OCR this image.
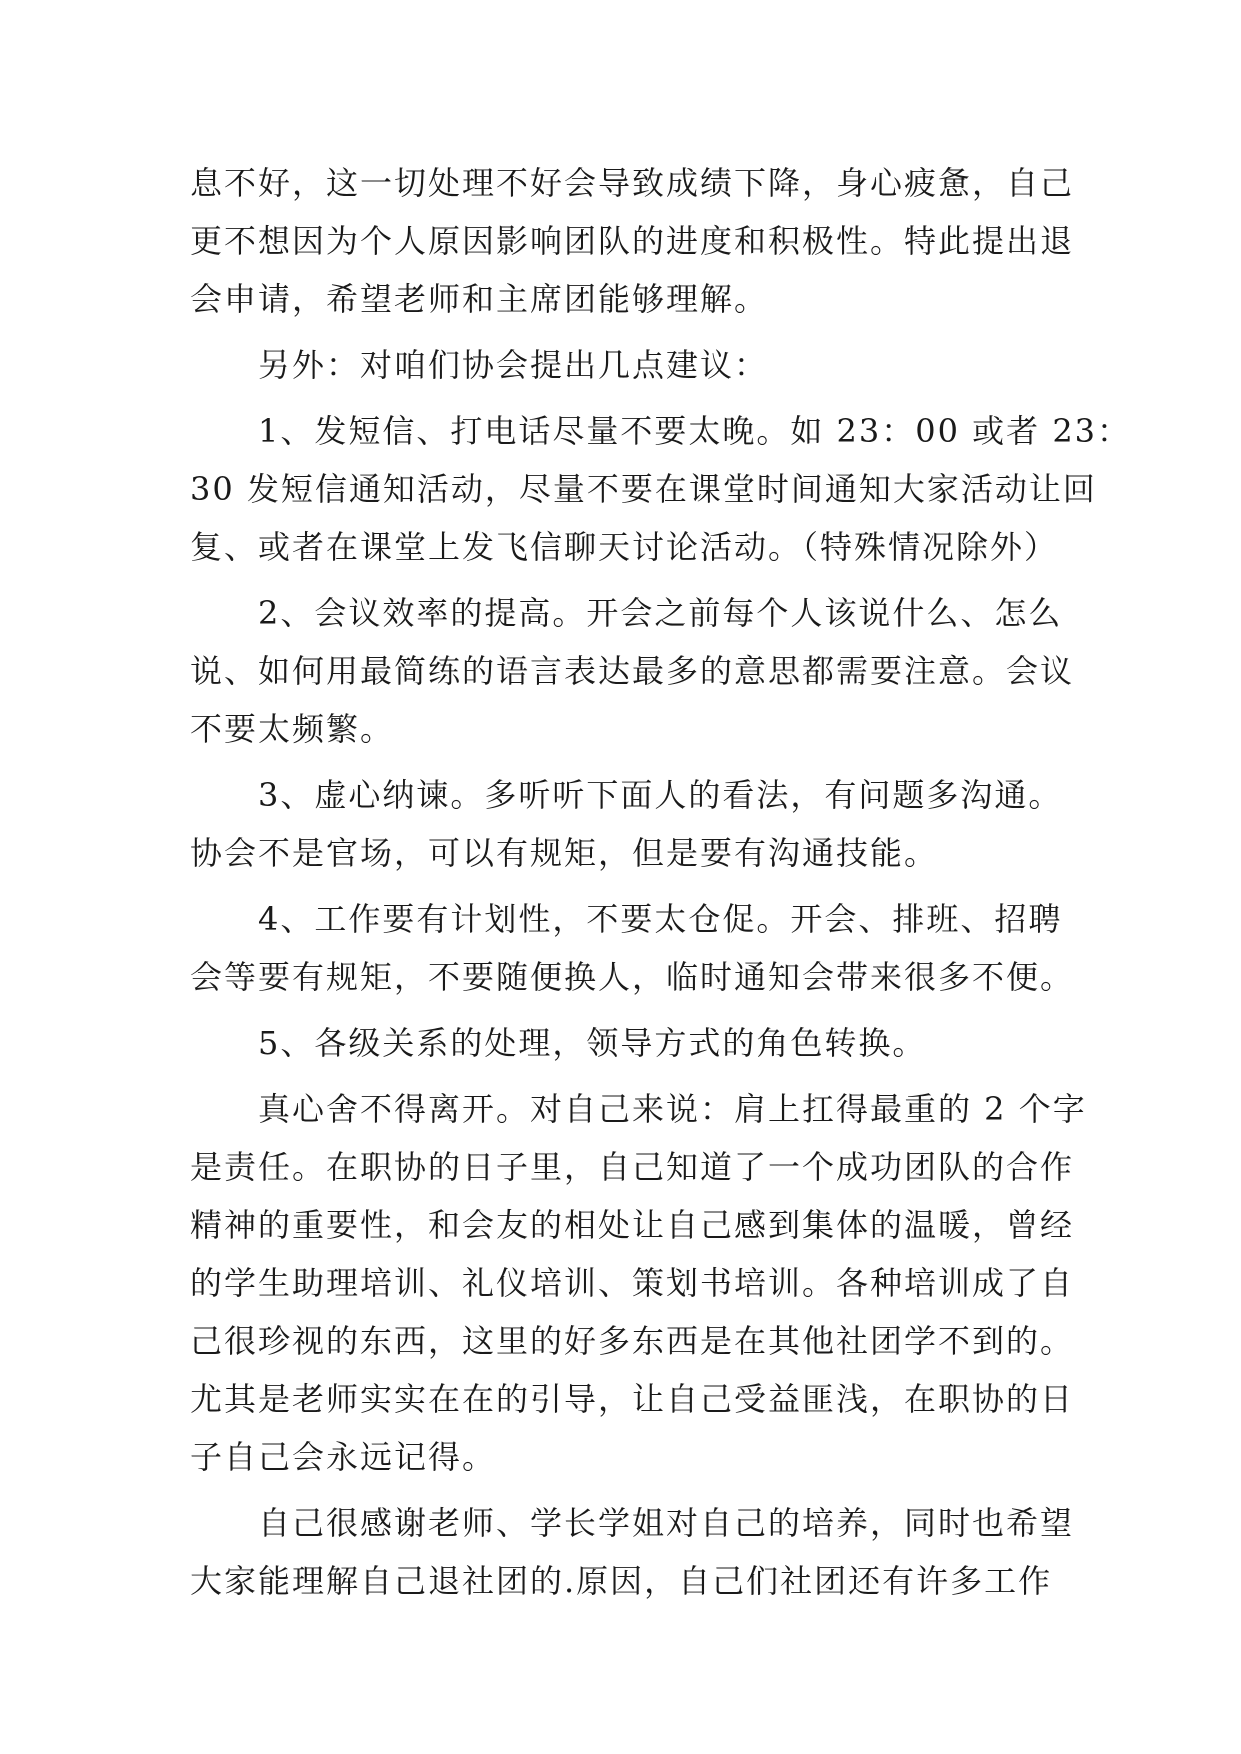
息不好，这一切处理不好会导致成绩下降，身心疲惫，自己
更不想因为个人原因影响团队的进度和积极性。特此提出退
会申请，希望老师和主席团能够理解。
　　另外：对咱们协会提出几点建议：
　　1、发短信、打电话尽量不要太晚。如 23：00 或者 23：
30 发短信通知活动，尽量不要在课堂时间通知大家活动让回
复、或者在课堂上发飞信聊天讨论活动。（特殊情况除外）
　　2、会议效率的提高。开会之前每个人该说什么、怎么
说、如何用最简练的语言表达最多的意思都需要注意。会议
不要太频繁。
　　3、虚心纳谏。多听听下面人的看法，有问题多沟通。
协会不是官场，可以有规矩，但是要有沟通技能。
　　4、工作要有计划性，不要太仓促。开会、排班、招聘
会等要有规矩，不要随便换人，临时通知会带来很多不便。
　　5、各级关系的处理，领导方式的角色转换。
　　真心舍不得离开。对自己来说：肩上扛得最重的 2 个字
是责任。在职协的日子里，自己知道了一个成功团队的合作
精神的重要性，和会友的相处让自己感到集体的温暖，曾经
的学生助理培训、礼仪培训、策划书培训。各种培训成了自
己很珍视的东西，这里的好多东西是在其他社团学不到的。
尤其是老师实实在在的引导，让自己受益匪浅，在职协的日
子自己会永远记得。
　　自己很感谢老师、学长学姐对自己的培养，同时也希望
大家能理解自己退社团的.原因，自己们社团还有许多工作
